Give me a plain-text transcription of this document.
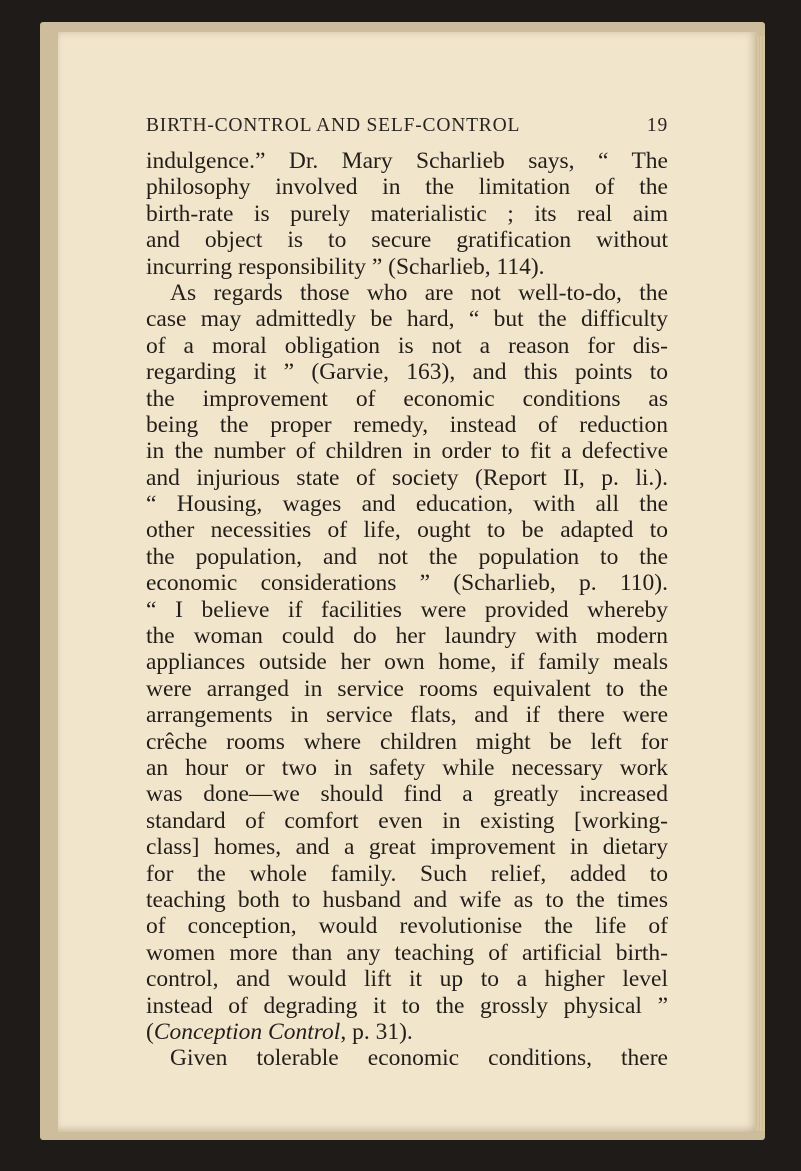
BIRTH-CONTROL AND SELF-CONTROL	19
indulgence.” Dr. Mary Scharlieb says, “ The
philosophy involved in the limitation of the
birth-rate is purely materialistic ; its real aim
and object is to secure gratification without
incurring responsibility ” (Scharlieb, 114).
As regards those who are not well-to-do, the
case may admittedly be hard, “ but the difficulty
of a moral obligation is not a reason for dis-
regarding it ” (Garvie, 163), and this points to
the improvement of economic conditions as
being the proper remedy, instead of reduction
in the number of children in order to fit a defective
and injurious state of society (Report II, p. li.).
“ Housing, wages and education, with all the
other necessities of life, ought to be adapted to
the population, and not the population to the
economic considerations ” (Scharlieb, p. 110).
“ I believe if facilities were provided whereby
the woman could do her laundry with modern
appliances outside her own home, if family meals
were arranged in service rooms equivalent to the
arrangements in service flats, and if there were
crêche rooms where children might be left for
an hour or two in safety while necessary work
was done—we should find a greatly increased
standard of comfort even in existing [working-
class] homes, and a great improvement in dietary
for the whole family. Such relief, added to
teaching both to husband and wife as to the times
of conception, would revolutionise the life of
women more than any teaching of artificial birth-
control, and would lift it up to a higher level
instead of degrading it to the grossly physical ”
(Conception Control, p. 31).
Given tolerable economic conditions, there
